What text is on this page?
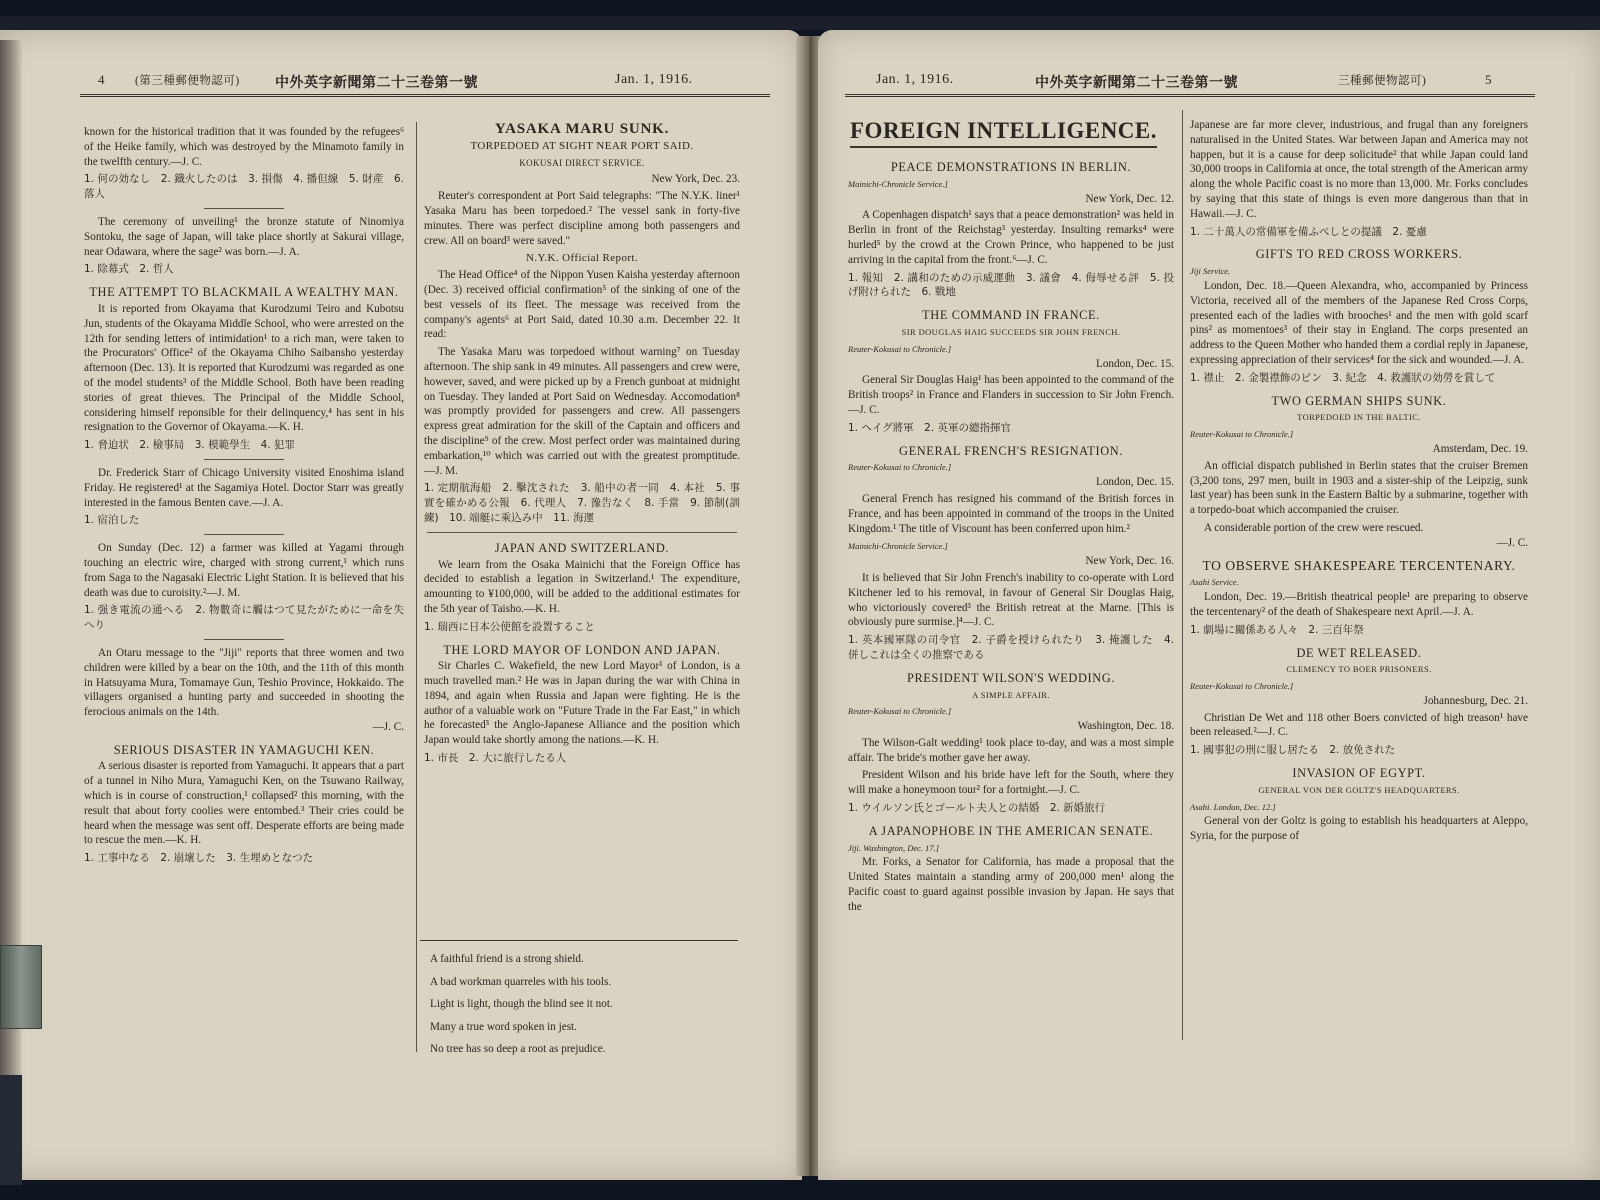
4	(第三種郵便物認可)	中外英字新聞第二十三卷第一號	Jan. 1, 1916.

known for the historical tradition that it was founded by the refugees⁶ of the Heike family, which was destroyed by the Minamoto family in the twelfth century.—J. C.

1. 何の効なし　2. 鐡火したのは　3. 損傷　4. 播但線　5. 財産　6. 落人

The ceremony of unveiling¹ the bronze statute of Ninomiya Sontoku, the sage of Japan, will take place shortly at Sakurai village, near Odawara, where the sage² was born.—J. A.

1. 除幕式　2. 哲人

THE ATTEMPT TO BLACKMAIL A WEALTHY MAN.

It is reported from Okayama that Kurodzumi Teiro and Kubotsu Jun, students of the Okayama Middle School, who were arrested on the 12th for sending letters of intimidation¹ to a rich man, were taken to the Procurators' Office² of the Okayama Chiho Saibansho yesterday afternoon (Dec. 13). It is reported that Kurodzumi was regarded as one of the model students³ of the Middle School. Both have been reading stories of great thieves. The Principal of the Middle School, considering himself reponsible for their delinquency,⁴ has sent in his resignation to the Governor of Okayama.—K. H.

1. 脅迫状　2. 檢事局　3. 模範學生　4. 犯罪

Dr. Frederick Starr of Chicago University visited Enoshima island Friday. He registered¹ at the Sagamiya Hotel. Doctor Starr was greatly interested in the famous Benten cave.—J. A.

1. 宿泊した

On Sunday (Dec. 12) a farmer was killed at Yagami through touching an electric wire, charged with strong current,¹ which runs from Saga to the Nagasaki Electric Light Station. It is believed that his death was due to curoisity.²—J. M.

1. 强き電流の通へる　2. 物數奇に觸はつて見たがために一命を失へり

An Otaru message to the "Jiji" reports that three women and two children were killed by a bear on the 10th, and the 11th of this month in Hatsuyama Mura, Tomamaye Gun, Teshio Province, Hokkaido. The villagers organised a hunting party and succeeded in shooting the ferocious animals on the 14th.

—J. C.

SERIOUS DISASTER IN YAMAGUCHI KEN.

A serious disaster is reported from Yamaguchi. It appears that a part of a tunnel in Niho Mura, Yamaguchi Ken, on the Tsuwano Railway, which is in course of construction,¹ collapsed² this morning, with the result that about forty coolies were entombed.³ Their cries could be heard when the message was sent off. Desperate efforts are being made to rescue the men.—K. H.

1. 工事中なる　2. 崩壞した　3. 生埋めとなつた

YASAKA MARU SUNK.
TORPEDOED AT SIGHT NEAR PORT SAID.
KOKUSAI DIRECT SERVICE.

New York, Dec. 23.

Reuter's correspondent at Port Said telegraphs: "The N.Y.K. liner¹ Yasaka Maru has been torpedoed.² The vessel sank in forty-five minutes. There was perfect discipline among both passengers and crew. All on board³ were saved."

N.Y.K. Official Report.

The Head Office⁴ of the Nippon Yusen Kaisha yesterday afternoon (Dec. 3) received official confirmation⁵ of the sinking of one of the best vessels of its fleet. The message was received from the company's agents⁶ at Port Said, dated 10.30 a.m. December 22. It read:

The Yasaka Maru was torpedoed without warning⁷ on Tuesday afternoon. The ship sank in 49 minutes. All passengers and crew were, however, saved, and were picked up by a French gunboat at midnight on Tuesday. They landed at Port Said on Wednesday. Accomodation⁸ was promptly provided for passengers and crew. All passengers express great admiration for the skill of the Captain and officers and the discipline⁹ of the crew. Most perfect order was maintained during embarkation,¹⁰ which was carried out with the greatest promptitude.—J. M.

1. 定期航海船　2. 擊沈された　3. 船中の者一同　4. 本社　5. 事實を確かめる公報　6. 代理人　7. 豫告なく　8. 手當　9. 節制(訓練)　10. 端艇に乘込み中　11. 海運

JAPAN AND SWITZERLAND.

We learn from the Osaka Mainichi that the Foreign Office has decided to establish a legation in Switzerland.¹ The expenditure, amounting to ¥100,000, will be added to the additional estimates for the 5th year of Taisho.—K. H.

1. 瑞西に日本公使館を設置すること

THE LORD MAYOR OF LONDON AND JAPAN.

Sir Charles C. Wakefield, the new Lord Mayor¹ of London, is a much travelled man.² He was in Japan during the war with China in 1894, and again when Russia and Japan were fighting. He is the author of a valuable work on "Future Trade in the Far East," in which he forecasted³ the Anglo-Japanese Alliance and the position which Japan would take shortly among the nations.—K. H.

1. 市長　2. 大に旅行したる人

A faithful friend is a strong shield.
A bad workman quarreles with his tools.
Light is light, though the blind see it not.
Many a true word spoken in jest.
No tree has so deep a root as prejudice.
Jan. 1, 1916.	中外英字新聞第二十三卷第一號	三種郵便物認可)	5
FOREIGN INTELLIGENCE.
PEACE DEMONSTRATIONS IN BERLIN.

Mainichi-Chronicle Service.]

New York, Dec. 12.

A Copenhagen dispatch¹ says that a peace demonstration² was held in Berlin in front of the Reichstag³ yesterday. Insulting remarks⁴ were hurled⁵ by the crowd at the Crown Prince, who happened to be just arriving in the capital from the front.⁶—J. C.

1. 報知　2. 講和のための示威運動　3. 議會　4. 侮辱せる評　5. 投げ附けられた　6. 戰地

THE COMMAND IN FRANCE.
SIR DOUGLAS HAIG SUCCEEDS SIR JOHN FRENCH.

Reuter-Kokusai to Chronicle.]

London, Dec. 15.

General Sir Douglas Haig¹ has been appointed to the command of the British troops² in France and Flanders in succession to Sir John French.—J. C.

1. ヘイグ將軍　2. 英軍の總指揮官

GENERAL FRENCH'S RESIGNATION.

Reuter-Kokusai to Chronicle.]

London, Dec. 15.

General French has resigned his command of the British forces in France, and has been appointed in command of the troops in the United Kingdom.¹ The title of Viscount has been conferred upon him.²

Mainichi-Chronicle Service.]

New York, Dec. 16.

It is believed that Sir John French's inability to co-operate with Lord Kitchener led to his removal, in favour of General Sir Douglas Haig, who victoriously covered³ the British retreat at the Marne. [This is obviously pure surmise.]⁴—J. C.

1. 英本國軍隊の司令官　2. 子爵を授けられたり　3. 掩護した　4. 併しこれは全くの推察である

PRESIDENT WILSON'S WEDDING.
A SIMPLE AFFAIR.

Reuter-Kokusai to Chronicle.]

Washington, Dec. 18.

The Wilson-Galt wedding¹ took place to-day, and was a most simple affair. The bride's mother gave her away.

President Wilson and his bride have left for the South, where they will make a honeymoon tour² for a fortnight.—J. C.

1. ウイルソン氏とゴールト夫人との結婚　2. 新婚旅行

A JAPANOPHOBE IN THE AMERICAN SENATE.

Jiji. Washington, Dec. 17.]

Mr. Forks, a Senator for California, has made a proposal that the United States maintain a standing army of 200,000 men¹ along the Pacific coast to guard against possible invasion by Japan. He says that the

Japanese are far more clever, industrious, and frugal than any foreigners naturalised in the United States. War between Japan and America may not happen, but it is a cause for deep solicitude² that while Japan could land 30,000 troops in California at once, the total strength of the American army along the whole Pacific coast is no more than 13,000. Mr. Forks concludes by saying that this state of things is even more dangerous than that in Hawaii.—J. C.

1. 二十萬人の常備軍を備ふべしとの提議　2. 憂慮

GIFTS TO RED CROSS WORKERS.

Jiji Service.

London, Dec. 18.—Queen Alexandra, who, accompanied by Princess Victoria, received all of the members of the Japanese Red Cross Corps, presented each of the ladies with brooches¹ and the men with gold scarf pins² as momentoes³ of their stay in England. The corps presented an address to the Queen Mother who handed them a cordial reply in Japanese, expressing appreciation of their services⁴ for the sick and wounded.—J. A.

1. 襟止　2. 金製襟飾のピン　3. 紀念　4. 救護狀の効勞を賞して

TWO GERMAN SHIPS SUNK.
TORPEDOED IN THE BALTIC.

Reuter-Kokusai to Chronicle.]

Amsterdam, Dec. 19.

An official dispatch published in Berlin states that the cruiser Bremen (3,200 tons, 297 men, built in 1903 and a sister-ship of the Leipzig, sunk last year) has been sunk in the Eastern Baltic by a submarine, together with a torpedo-boat which accompanied the cruiser.

A considerable portion of the crew were rescued.

—J. C.

TO OBSERVE SHAKESPEARE TERCENTENARY.

Asahi Service.

London, Dec. 19.—British theatrical people¹ are preparing to observe the tercentenary² of the death of Shakespeare next April.—J. A.

1. 劇場に關係ある人々　2. 三百年祭

DE WET RELEASED.
CLEMENCY TO BOER PRISONERS.

Reuter-Kokusai to Chronicle.]

Johannesburg, Dec. 21.

Christian De Wet and 118 other Boers convicted of high treason¹ have been released.²—J. C.

1. 國事犯の刑に服し居たる　2. 放免された

INVASION OF EGYPT.
GENERAL VON DER GOLTZ'S HEADQUARTERS.

Asahi. London, Dec. 12.]

General von der Goltz is going to establish his headquarters at Aleppo, Syria, for the purpose of
